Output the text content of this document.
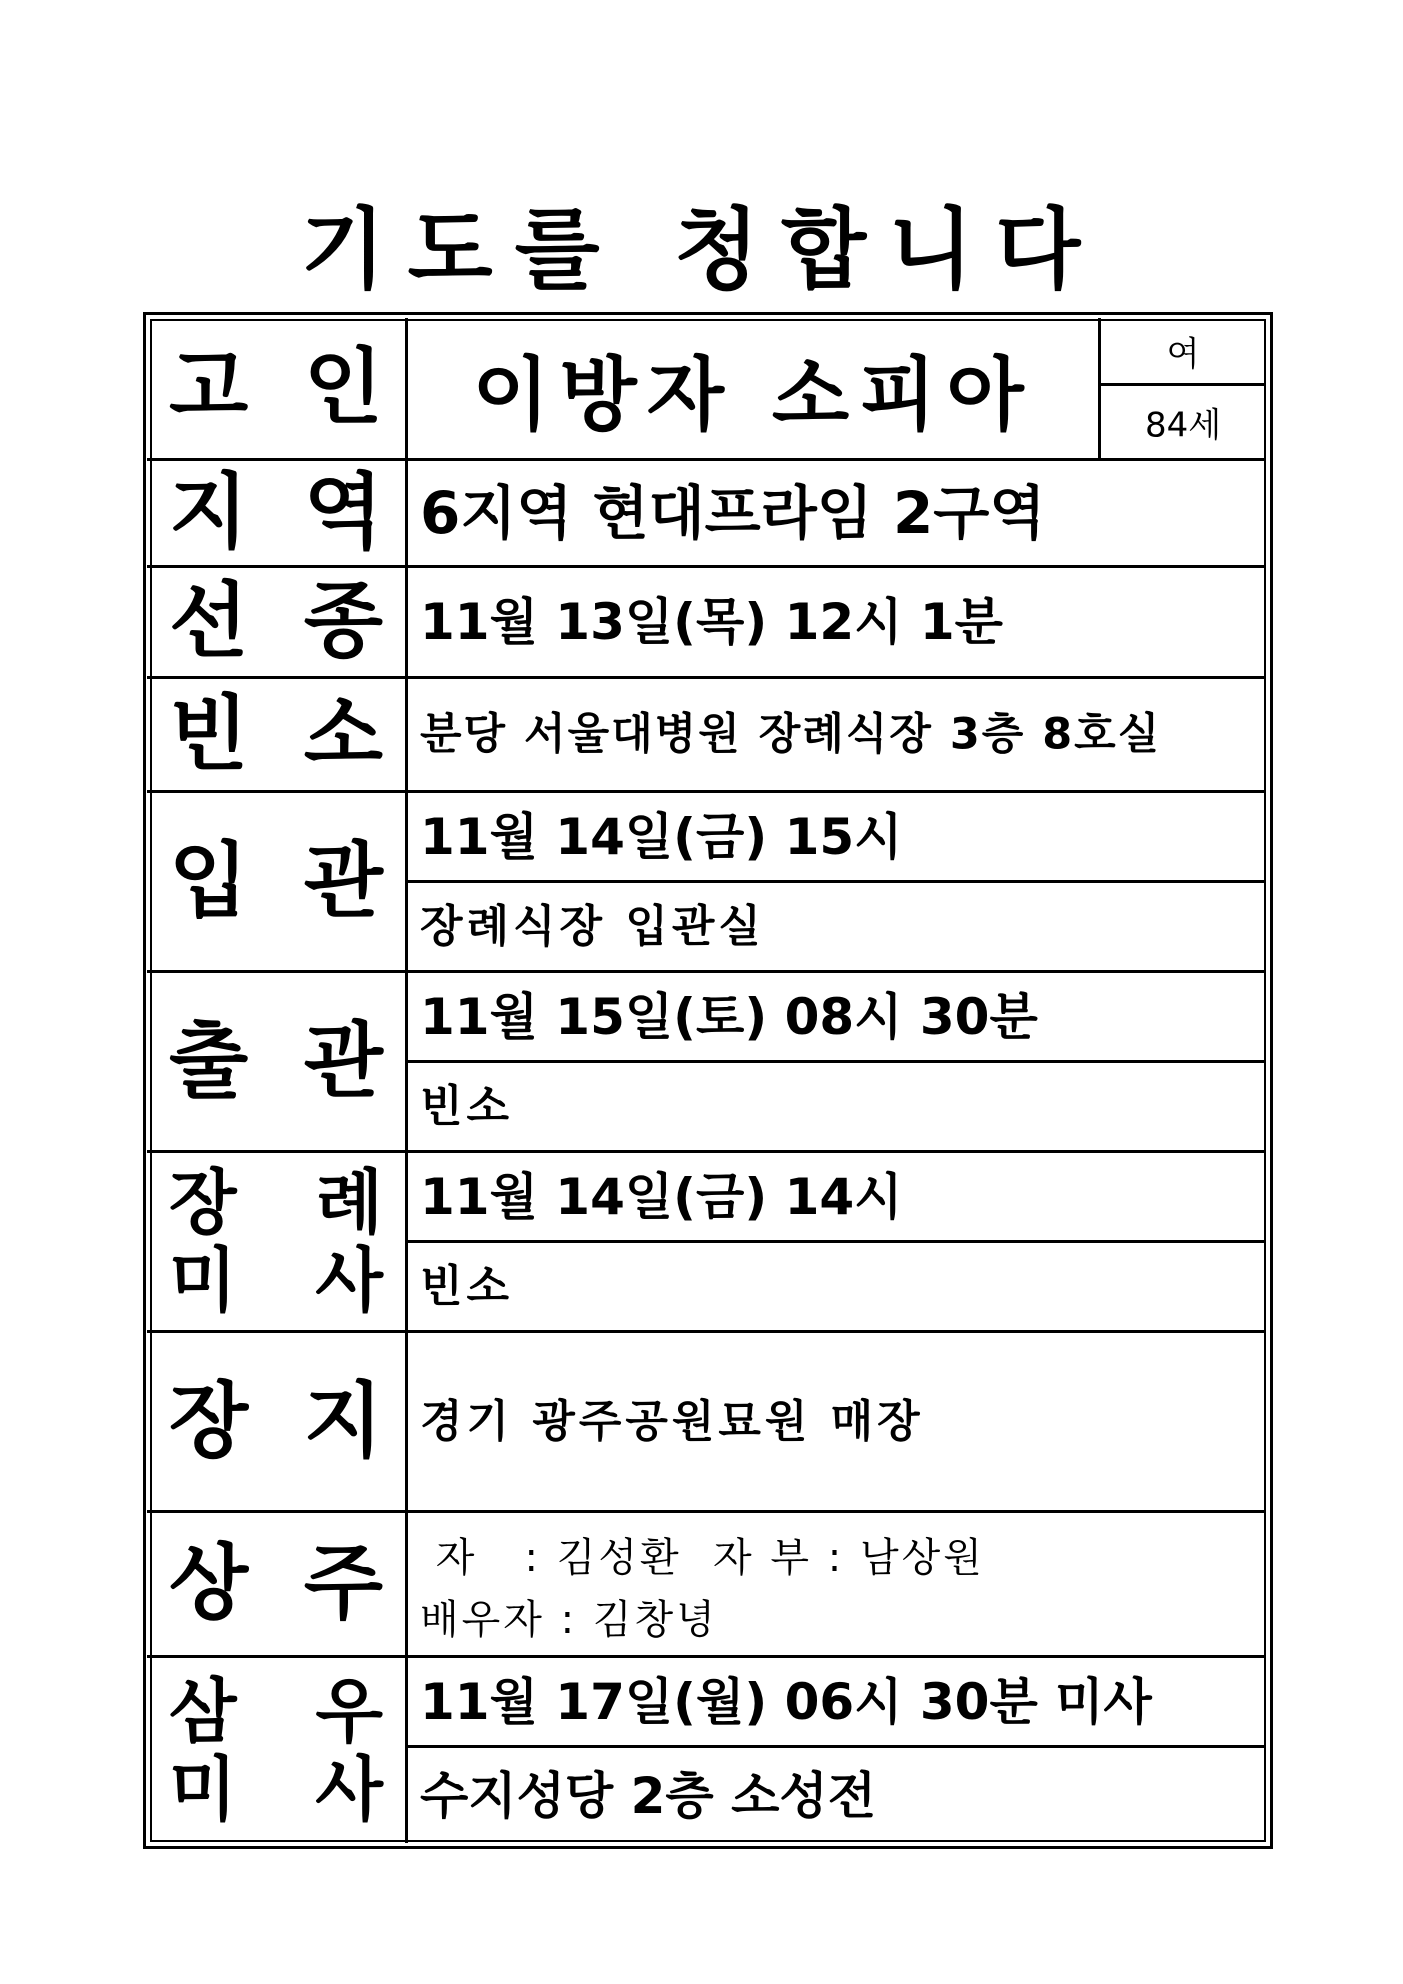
기도를 청합니다
고 인	이방자 소피아	여
84세
지 역 6지역 현대프라임 2구역
선 종 11월 13일(목) 12시 1분
빈 소 분당 서울대병원 장례식장 3층 8호실
입 관 11월 14일(금) 15시
장례식장 입관실
출 관 11월 15일(토) 08시 30분
빈소
장 례
미 사
11월 14일(금) 14시
빈소
장 지 경기 광주공원묘원 매장
상 주 자   : 김성환  자 부 : 남상원
배우자 : 김창녕
삼 우
미 사
11월 17일(월) 06시 30분 미사
수지성당 2층 소성전
